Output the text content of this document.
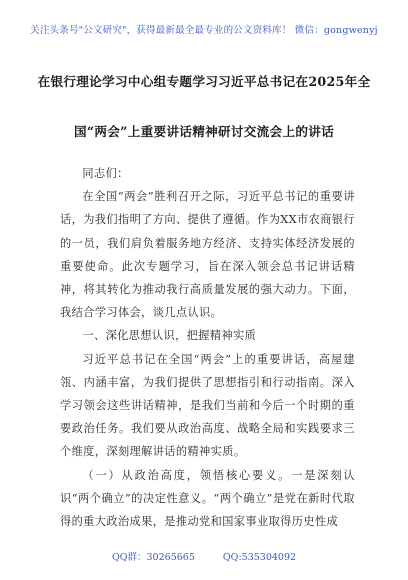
关注头条号"公文研究"，获得最新最全最专业的公文资料库！ 微信：gongwenyj
在银行理论学习中心组专题学习习近平总书记在2025年全
国“两会”上重要讲话精神研讨交流会上的讲话

同志们：

在全国“两会”胜利召开之际，习近平总书记的重要讲话，为我们指明了方向、提供了遵循。作为XX市农商银行的一员，我们肩负着服务地方经济、支持实体经济发展的重要使命。此次专题学习，旨在深入领会总书记讲话精神，将其转化为推动我行高质量发展的强大动力。下面，我结合学习体会，谈几点认识。

一、深化思想认识，把握精神实质

习近平总书记在全国“两会”上的重要讲话，高屋建瓴、内涵丰富，为我们提供了思想指引和行动指南。深入学习领会这些讲话精神，是我们当前和今后一个时期的重要政治任务。我们要从政治高度、战略全局和实践要求三个维度，深刻理解讲话的精神实质。

（一）从政治高度，领悟核心要义。一是深刻认识“两个确立”的决定性意义。“两个确立”是党在新时代取得的重大政治成果，是推动党和国家事业取得历史性成

QQ群：30265665	QQ:535304092
